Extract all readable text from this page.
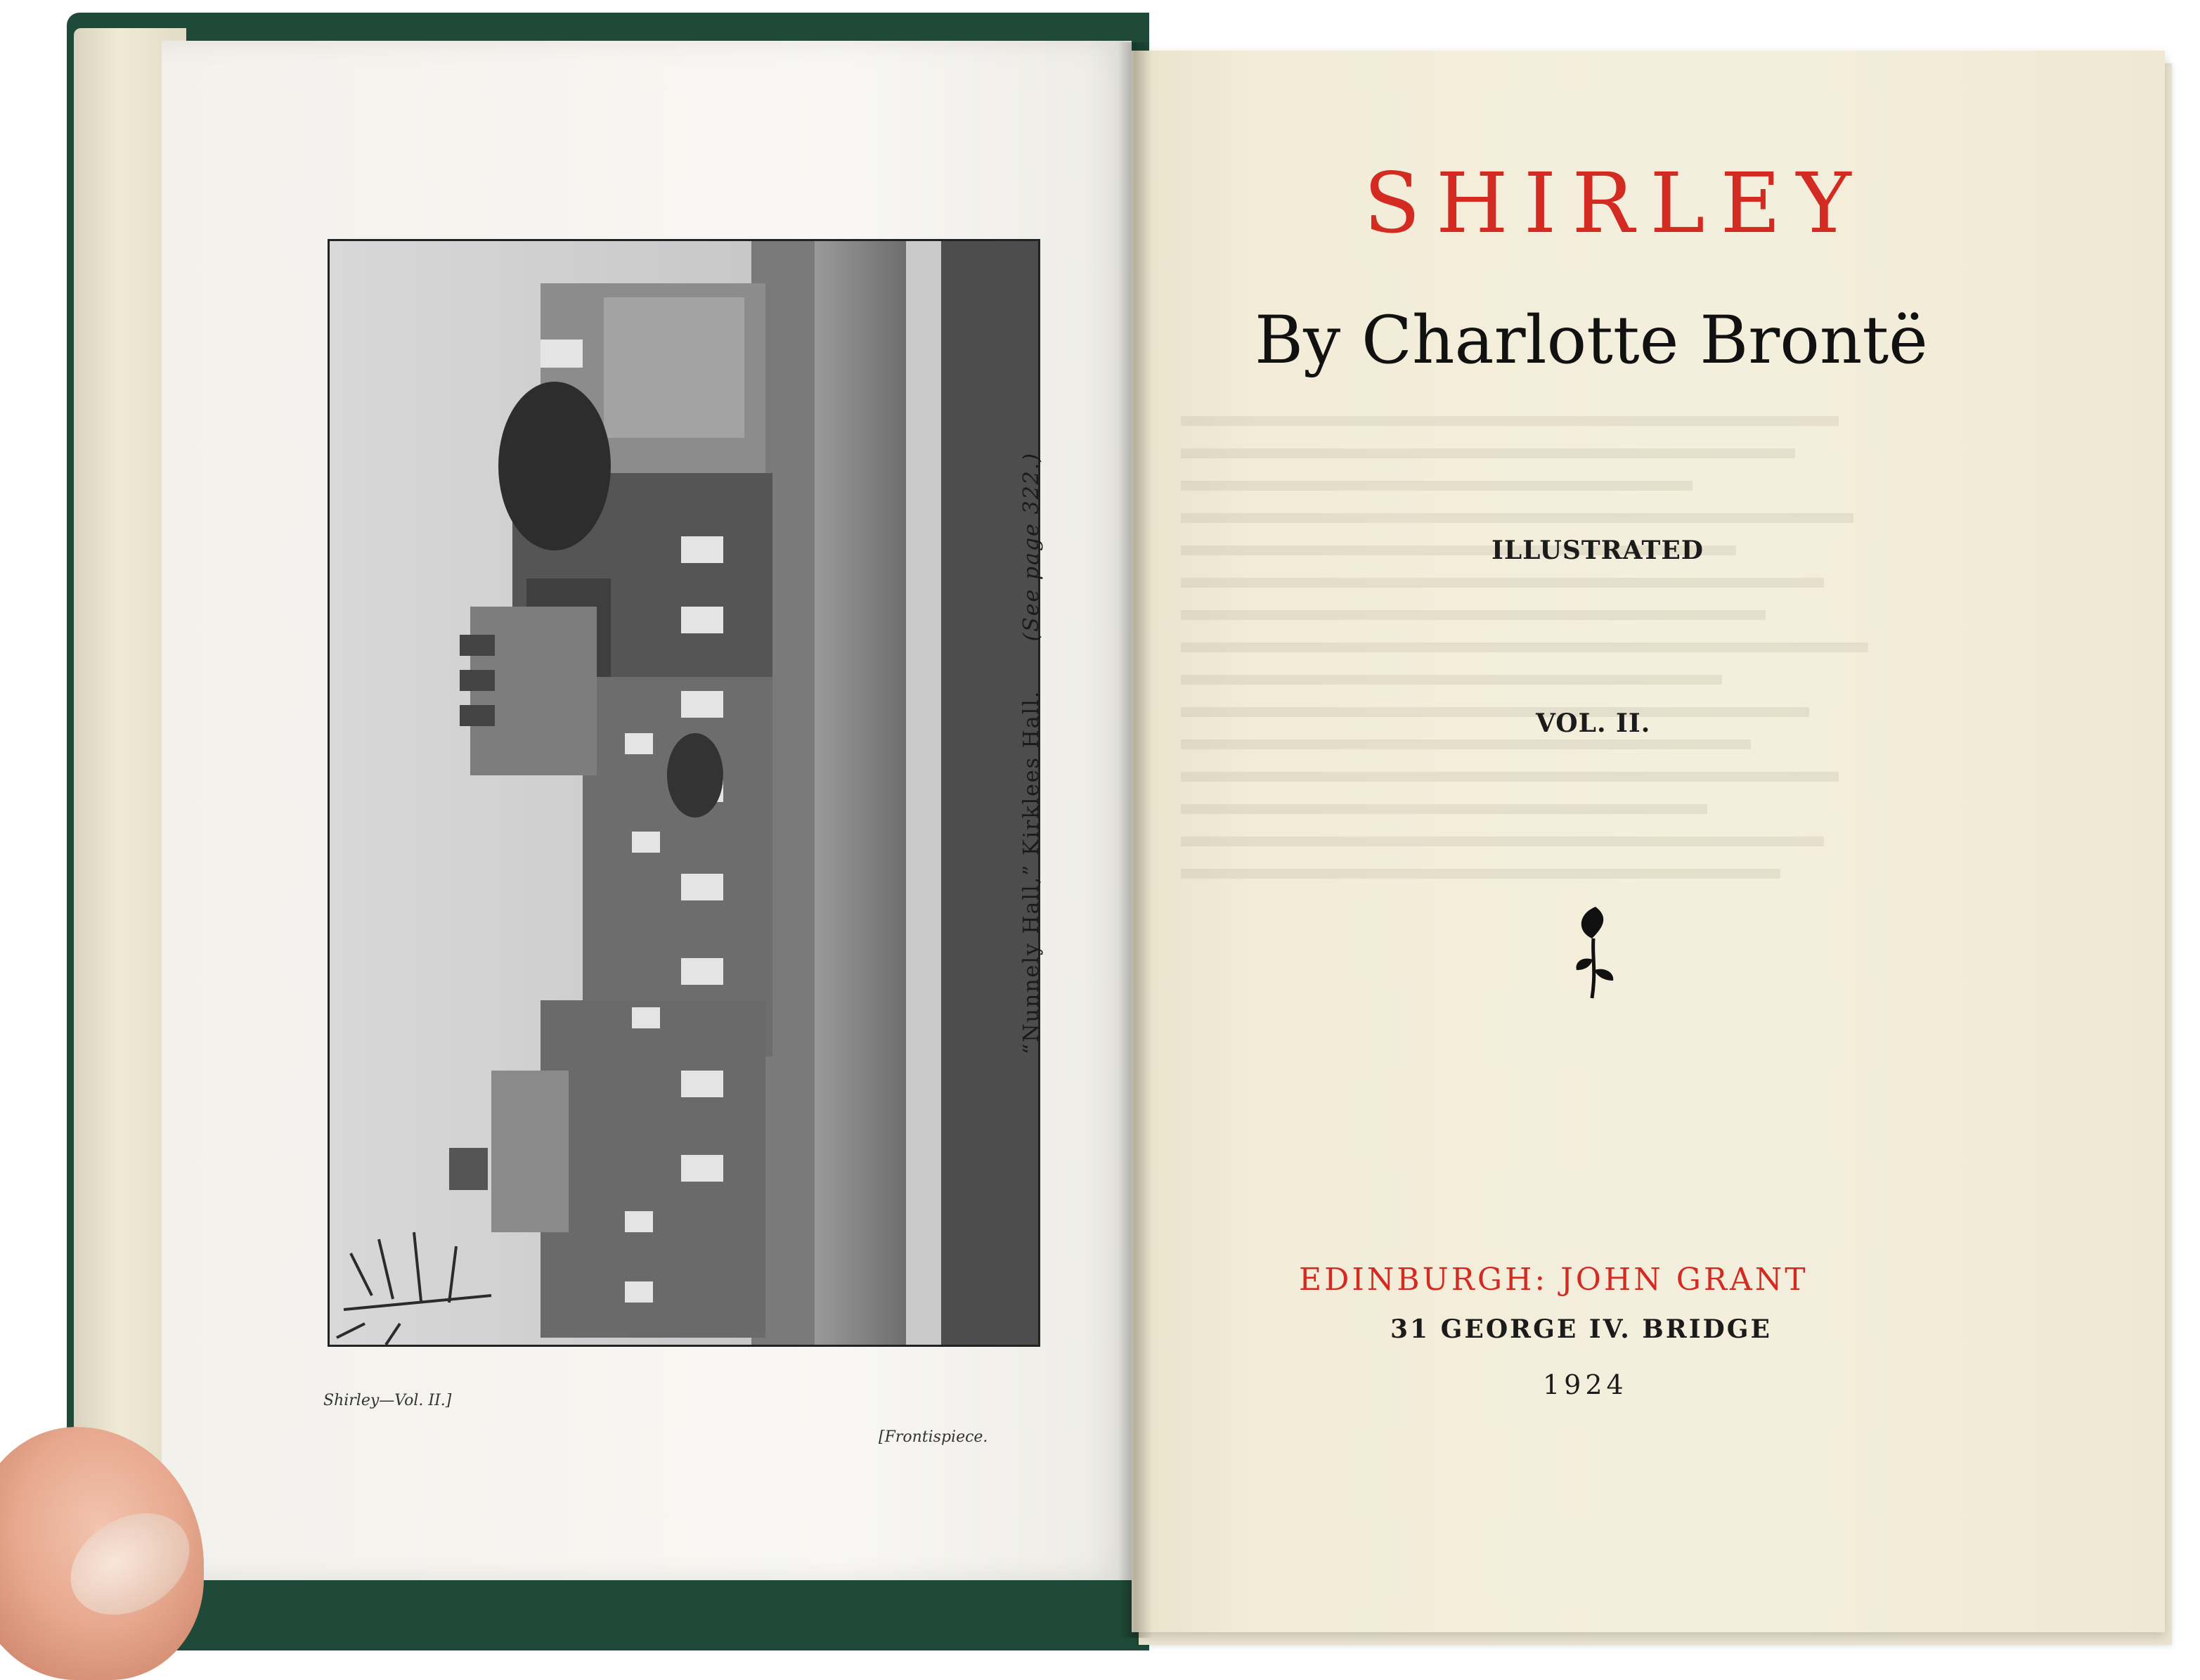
“Nunnely Hall,” Kirklees Hall.      (See page 322.)
Shirley—Vol. II.]
[Frontispiece.
SHIRLEY
By Charlotte Brontë
ILLUSTRATED
VOL. II.
EDINBURGH: JOHN GRANT
31 GEORGE IV. BRIDGE
1924
